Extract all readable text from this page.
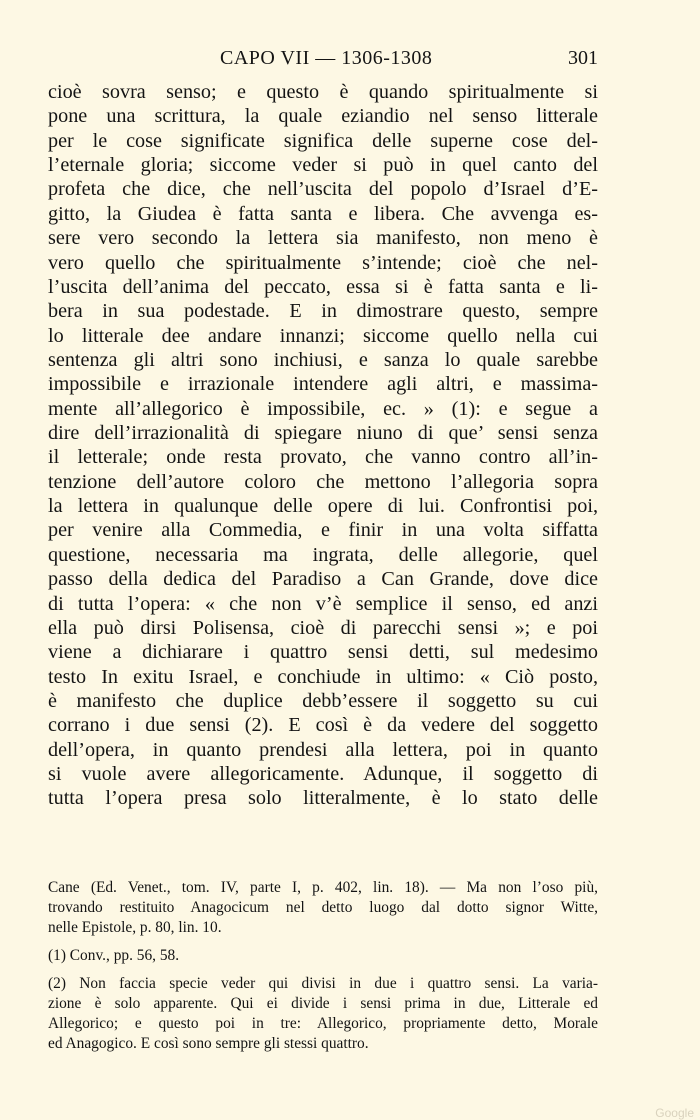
CAPO VII — 1306-1308	301
cioè sovra senso; e questo è quando spiritualmente si
pone una scrittura, la quale eziandio nel senso litterale
per le cose significate significa delle superne cose del-
l’eternale gloria; siccome veder si può in quel canto del
profeta che dice, che nell’uscita del popolo d’Israel d’E-
gitto, la Giudea è fatta santa e libera. Che avvenga es-
sere vero secondo la lettera sia manifesto, non meno è
vero quello che spiritualmente s’intende; cioè che nel-
l’uscita dell’anima del peccato, essa si è fatta santa e li-
bera in sua podestade. E in dimostrare questo, sempre
lo litterale dee andare innanzi; siccome quello nella cui
sentenza gli altri sono inchiusi, e sanza lo quale sarebbe
impossibile e irrazionale intendere agli altri, e massima-
mente all’allegorico è impossibile, ec. » (1): e segue a
dire dell’irrazionalità di spiegare niuno di que’ sensi senza
il letterale; onde resta provato, che vanno contro all’in-
tenzione dell’autore coloro che mettono l’allegoria sopra
la lettera in qualunque delle opere di lui. Confrontisi poi,
per venire alla Commedia, e finir in una volta siffatta
questione, necessaria ma ingrata, delle allegorie, quel
passo della dedica del Paradiso a Can Grande, dove dice
di tutta l’opera: « che non v’è semplice il senso, ed anzi
ella può dirsi Polisensa, cioè di parecchi sensi »; e poi
viene a dichiarare i quattro sensi detti, sul medesimo
testo In exitu Israel, e conchiude in ultimo: « Ciò posto,
è manifesto che duplice debb’essere il soggetto su cui
corrano i due sensi (2). E così è da vedere del soggetto
dell’opera, in quanto prendesi alla lettera, poi in quanto
si vuole avere allegoricamente. Adunque, il soggetto di
tutta l’opera presa solo litteralmente, è lo stato delle
Cane (Ed. Venet., tom. IV, parte I, p. 402, lin. 18). — Ma non l’oso più,
trovando restituito Anagocicum nel detto luogo dal dotto signor Witte,
nelle Epistole, p. 80, lin. 10.
(1) Conv., pp. 56, 58.
(2) Non faccia specie veder qui divisi in due i quattro sensi. La varia-
zione è solo apparente. Qui ei divide i sensi prima in due, Litterale ed
Allegorico; e questo poi in tre: Allegorico, propriamente detto, Morale
ed Anagogico. E così sono sempre gli stessi quattro.
Google
